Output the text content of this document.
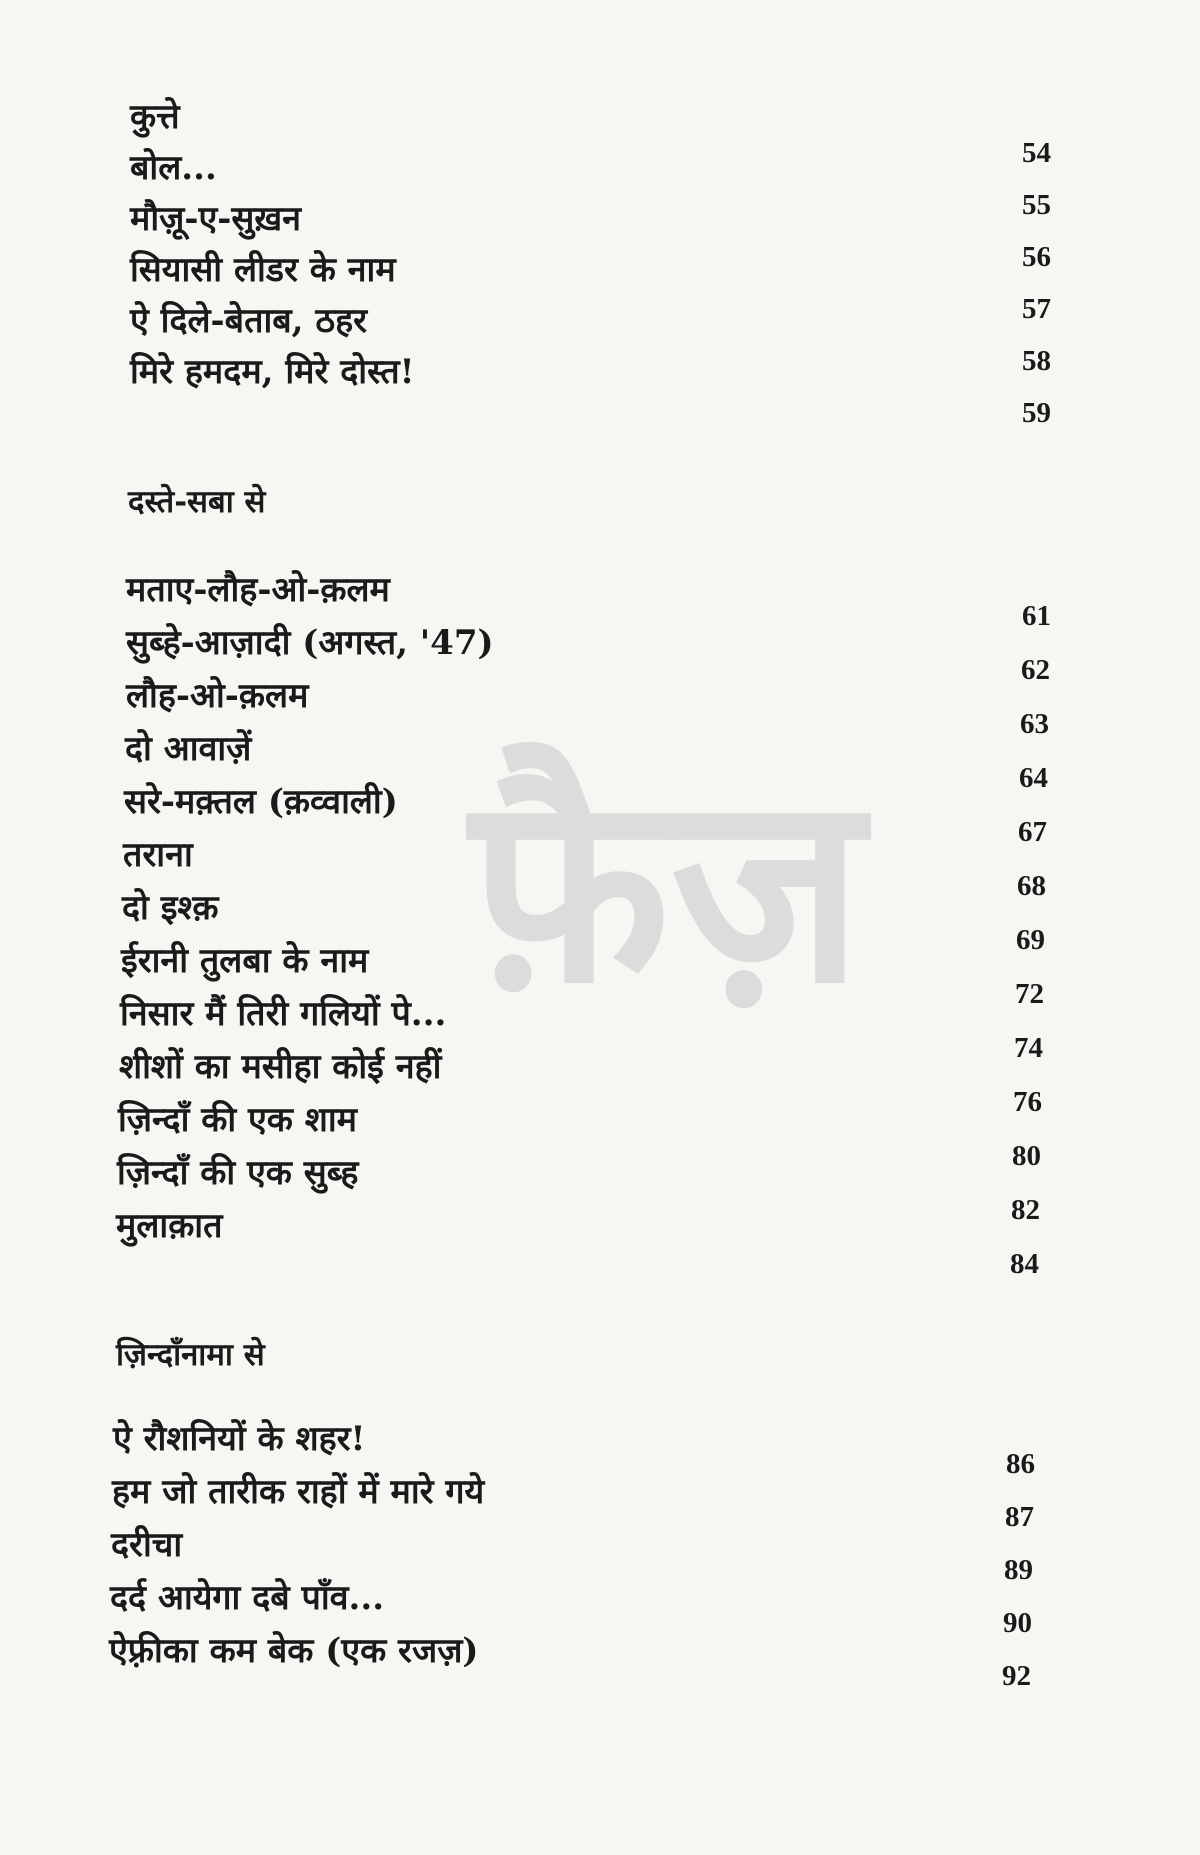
फ़ैज़
कुत्ते
बोल...
मौज़ू-ए-सुख़न
सियासी लीडर के नाम
ऐ दिले-बेताब, ठहर
मिरे हमदम, मिरे दोस्त!
54
55
56
57
58
59
दस्ते-सबा से
मताए-लौह-ओ-क़लम
सुब्हे-आज़ादी (अगस्त, '47)
लौह-ओ-क़लम
दो आवाज़ें
सरे-मक़्तल (क़व्वाली)
तराना
दो इश्क़
ईरानी तुलबा के नाम
निसार मैं तिरी गलियों पे...
शीशों का मसीहा कोई नहीं
ज़िन्दाँ की एक शाम
ज़िन्दाँ की एक सुब्ह
मुलाक़ात
61
62
63
64
67
68
69
72
74
76
80
82
84
ज़िन्दाँनामा से
ऐ रौशनियों के शहर!
हम जो तारीक राहों में मारे गये
दरीचा
दर्द आयेगा दबे पाँव...
ऐफ़्रीका कम बेक (एक रजज़)
86
87
89
90
92
